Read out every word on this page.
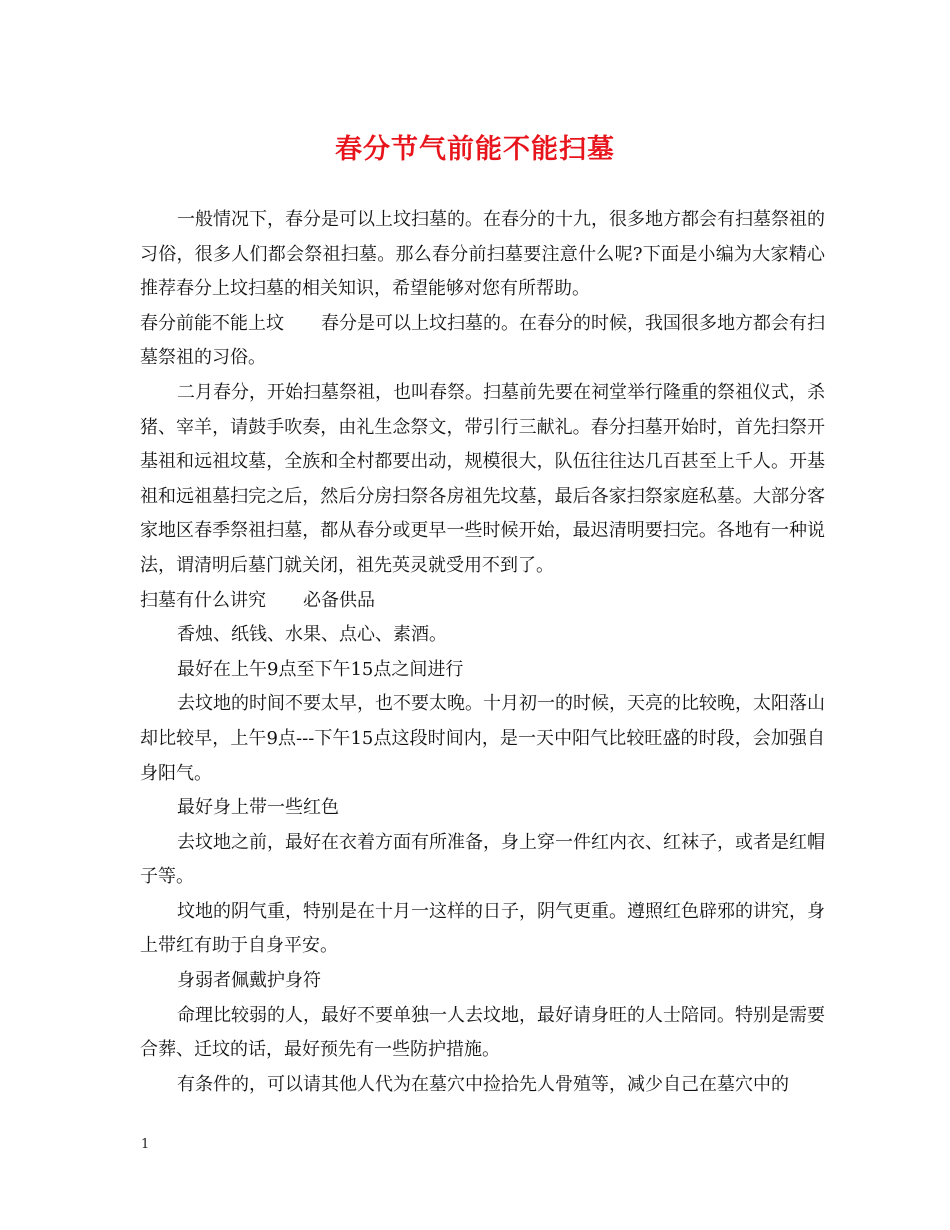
春分节气前能不能扫墓

一般情况下，春分是可以上坟扫墓的。在春分的十九，很多地方都会有扫墓祭祖的习俗，很多人们都会祭祖扫墓。那么春分前扫墓要注意什么呢?下面是小编为大家精心推荐春分上坟扫墓的相关知识，希望能够对您有所帮助。

春分前能不能上坟 春分是可以上坟扫墓的。在春分的时候，我国很多地方都会有扫墓祭祖的习俗。

二月春分，开始扫墓祭祖，也叫春祭。扫墓前先要在祠堂举行隆重的祭祖仪式，杀猪、宰羊，请鼓手吹奏，由礼生念祭文，带引行三献礼。春分扫墓开始时，首先扫祭开基祖和远祖坟墓，全族和全村都要出动，规模很大，队伍往往达几百甚至上千人。开基祖和远祖墓扫完之后，然后分房扫祭各房祖先坟墓，最后各家扫祭家庭私墓。大部分客家地区春季祭祖扫墓，都从春分或更早一些时候开始，最迟清明要扫完。各地有一种说法，谓清明后墓门就关闭，祖先英灵就受用不到了。

扫墓有什么讲究 必备供品

香烛、纸钱、水果、点心、素酒。

最好在上午9点至下午15点之间进行

去坟地的时间不要太早，也不要太晚。十月初一的时候，天亮的比较晚，太阳落山却比较早，上午9点---下午15点这段时间内，是一天中阳气比较旺盛的时段，会加强自身阳气。

最好身上带一些红色

去坟地之前，最好在衣着方面有所准备，身上穿一件红内衣、红袜子，或者是红帽子等。

坟地的阴气重，特别是在十月一这样的日子，阴气更重。遵照红色辟邪的讲究，身上带红有助于自身平安。

身弱者佩戴护身符

命理比较弱的人，最好不要单独一人去坟地，最好请身旺的人士陪同。特别是需要合葬、迁坟的话，最好预先有一些防护措施。

有条件的，可以请其他人代为在墓穴中捡拾先人骨殖等，减少自己在墓穴中的

1
